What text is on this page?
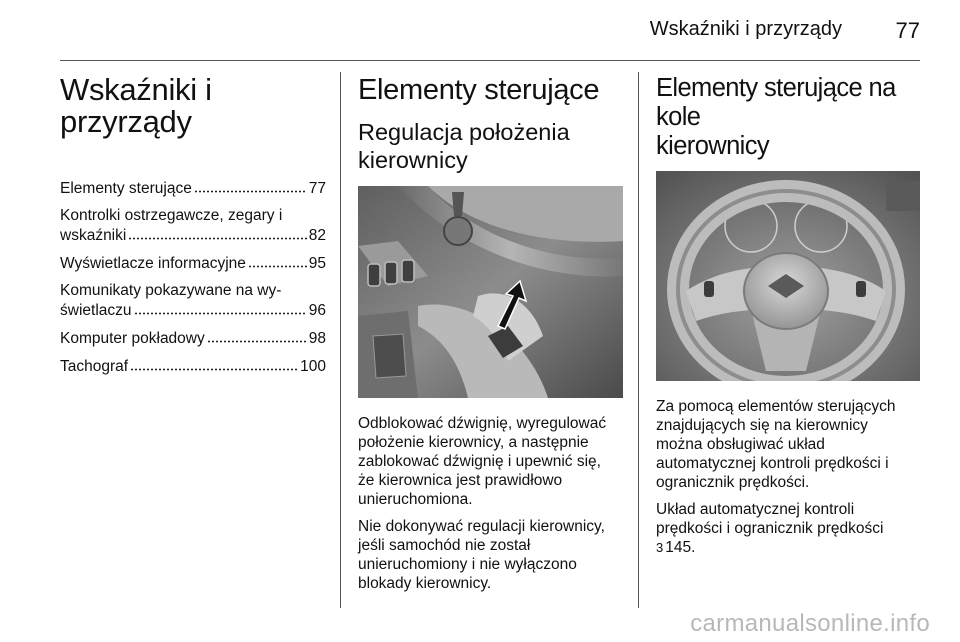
Wskaźniki i przyrządy 77
Wskaźniki i przyrządy
Elementy sterujące	77
Kontrolki ostrzegawcze, zegary i
wskaźniki	82
Wyświetlacze informacyjne	95
Komunikaty pokazywane na wy-
świetlaczu	96
Komputer pokładowy	98
Tachograf	100
Elementy sterujące
Regulacja położenia
kierownicy

Odblokować dźwignię, wyregulować
położenie kierownicy, a następnie
zablokować dźwignię i upewnić się,
że kierownica jest prawidłowo
unieruchomiona.

Nie dokonywać regulacji kierownicy,
jeśli samochód nie został
unieruchomiony i nie wyłączono
blokady kierownicy.

Elementy sterujące na kole
kierownicy

Za pomocą elementów sterujących
znajdujących się na kierownicy
można obsługiwać układ
automatycznej kontroli prędkości i
ogranicznik prędkości.

Układ automatycznej kontroli
prędkości i ogranicznik prędkości
3 145.

carmanualsonline.info
